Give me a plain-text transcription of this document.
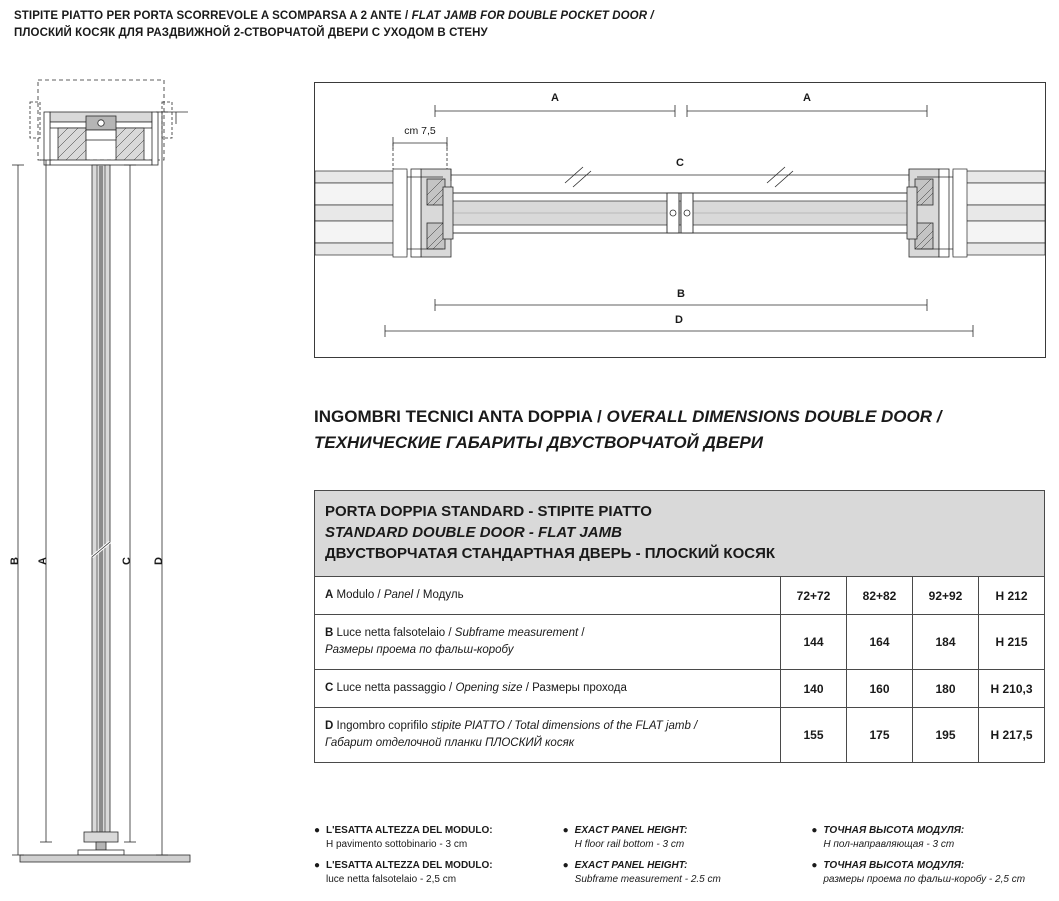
STIPITE PIATTO PER PORTA SCORREVOLE A SCOMPARSA A 2 ANTE / FLAT JAMB FOR DOUBLE POCKET DOOR /
ПЛОСКИЙ КОСЯК ДЛЯ РАЗДВИЖНОЙ 2-СТВОРЧАТОЙ ДВЕРИ С УХОДОМ В СТЕНУ
B A	C D
cm 7,5
A	A
C
B
D
INGOMBRI TECNICI ANTA DOPPIA / OVERALL DIMENSIONS DOUBLE DOOR /
ТЕХНИЧЕСКИЕ ГАБАРИТЫ ДВУСТВОРЧАТОЙ ДВЕРИ
PORTA DOPPIA STANDARD - STIPITE PIATTO
STANDARD DOUBLE DOOR - FLAT JAMB
ДВУСТВОРЧАТАЯ СТАНДАРТНАЯ ДВЕРЬ - ПЛОСКИЙ КОСЯК				

A Modulo / Panel / Модуль	72+72	82+82	92+92	H 212
B Luce netta falsotelaio / Subframe measurement /
Размеры проема по фальш-коробу	144	164	184	H 215
C Luce netta passaggio / Opening size / Размеры прохода	140	160	180	H 210,3
D Ingombro coprifilo stipite PIATTO / Total dimensions of the FLAT jamb /
Габарит отделочной планки ПЛОСКИЙ косяк	155	175	195	H 217,5
● L'ESATTA ALTEZZA DEL MODULO:
H pavimento sottobinario - 3 cm
● L'ESATTA ALTEZZA DEL MODULO:
luce netta falsotelaio - 2,5 cm
● EXACT PANEL HEIGHT:
H floor rail bottom - 3 cm
● EXACT PANEL HEIGHT:
Subframe measurement - 2.5 cm
● ТОЧНАЯ ВЫСОТА МОДУЛЯ:
Н пол-направляющая - 3 cm
● ТОЧНАЯ ВЫСОТА МОДУЛЯ:
размеры проема по фальш-коробу - 2,5 cm
